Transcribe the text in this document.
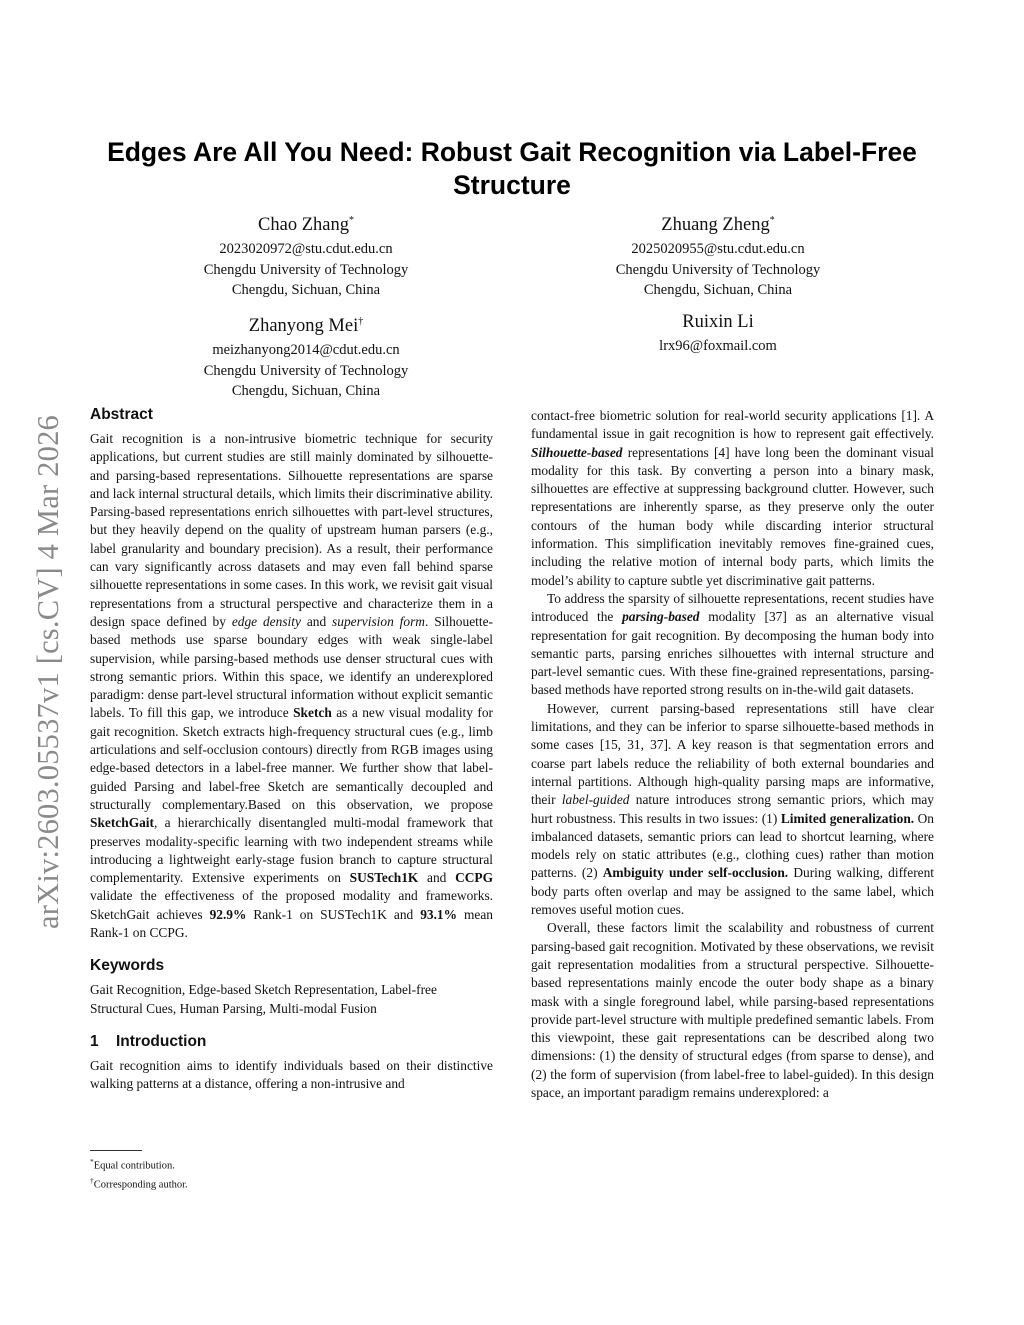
arXiv:2603.05537v1 [cs.CV] 4 Mar 2026
Edges Are All You Need: Robust Gait Recognition via Label-Free Structure
Chao Zhang*
2023020972@stu.cdut.edu.cn
Chengdu University of Technology
Chengdu, Sichuan, China
Zhuang Zheng*
2025020955@stu.cdut.edu.cn
Chengdu University of Technology
Chengdu, Sichuan, China
Zhanyong Mei†
meizhanyong2014@cdut.edu.cn
Chengdu University of Technology
Chengdu, Sichuan, China
Ruixin Li
lrx96@foxmail.com
Abstract

Gait recognition is a non-intrusive biometric technique for security applications, but current studies are still mainly dominated by silhouette- and parsing-based representations. Silhouette representations are sparse and lack internal structural details, which limits their discriminative ability. Parsing-based representations enrich silhouettes with part-level structures, but they heavily depend on the quality of upstream human parsers (e.g., label granularity and boundary precision). As a result, their performance can vary significantly across datasets and may even fall behind sparse silhouette representations in some cases. In this work, we revisit gait visual representations from a structural perspective and characterize them in a design space defined by edge density and supervision form. Silhouette-based methods use sparse boundary edges with weak single-label supervision, while parsing-based methods use denser structural cues with strong semantic priors. Within this space, we identify an underexplored paradigm: dense part-level structural information without explicit semantic labels. To fill this gap, we introduce Sketch as a new visual modality for gait recognition. Sketch extracts high-frequency structural cues (e.g., limb articulations and self-occlusion contours) directly from RGB images using edge-based detectors in a label-free manner. We further show that label-guided Parsing and label-free Sketch are semantically decoupled and structurally complementary.Based on this observation, we propose SketchGait, a hierarchically disentangled multi-modal framework that preserves modality-specific learning with two independent streams while introducing a lightweight early-stage fusion branch to capture structural complementarity. Extensive experiments on SUSTech1K and CCPG validate the effectiveness of the proposed modality and frameworks. SketchGait achieves 92.9% Rank-1 on SUSTech1K and 93.1% mean Rank-1 on CCPG.

Keywords

Gait Recognition, Edge-based Sketch Representation, Label-free Structural Cues, Human Parsing, Multi-modal Fusion

1 Introduction

Gait recognition aims to identify individuals based on their distinctive walking patterns at a distance, offering a non-intrusive and

*Equal contribution.
†Corresponding author.

contact-free biometric solution for real-world security applications [1]. A fundamental issue in gait recognition is how to represent gait effectively. Silhouette-based representations [4] have long been the dominant visual modality for this task. By converting a person into a binary mask, silhouettes are effective at suppressing background clutter. However, such representations are inherently sparse, as they preserve only the outer contours of the human body while discarding interior structural information. This simplification inevitably removes fine-grained cues, including the relative motion of internal body parts, which limits the model’s ability to capture subtle yet discriminative gait patterns.

To address the sparsity of silhouette representations, recent studies have introduced the parsing-based modality [37] as an alternative visual representation for gait recognition. By decomposing the human body into semantic parts, parsing enriches silhouettes with internal structure and part-level semantic cues. With these fine-grained representations, parsing-based methods have reported strong results on in-the-wild gait datasets.

However, current parsing-based representations still have clear limitations, and they can be inferior to sparse silhouette-based methods in some cases [15, 31, 37]. A key reason is that segmentation errors and coarse part labels reduce the reliability of both external boundaries and internal partitions. Although high-quality parsing maps are informative, their label-guided nature introduces strong semantic priors, which may hurt robustness. This results in two issues: (1) Limited generalization. On imbalanced datasets, semantic priors can lead to shortcut learning, where models rely on static attributes (e.g., clothing cues) rather than motion patterns. (2) Ambiguity under self-occlusion. During walking, different body parts often overlap and may be assigned to the same label, which removes useful motion cues.

Overall, these factors limit the scalability and robustness of current parsing-based gait recognition. Motivated by these observations, we revisit gait representation modalities from a structural perspective. Silhouette-based representations mainly encode the outer body shape as a binary mask with a single foreground label, while parsing-based representations provide part-level structure with multiple predefined semantic labels. From this viewpoint, these gait representations can be described along two dimensions: (1) the density of structural edges (from sparse to dense), and (2) the form of supervision (from label-free to label-guided). In this design space, an important paradigm remains underexplored: a
